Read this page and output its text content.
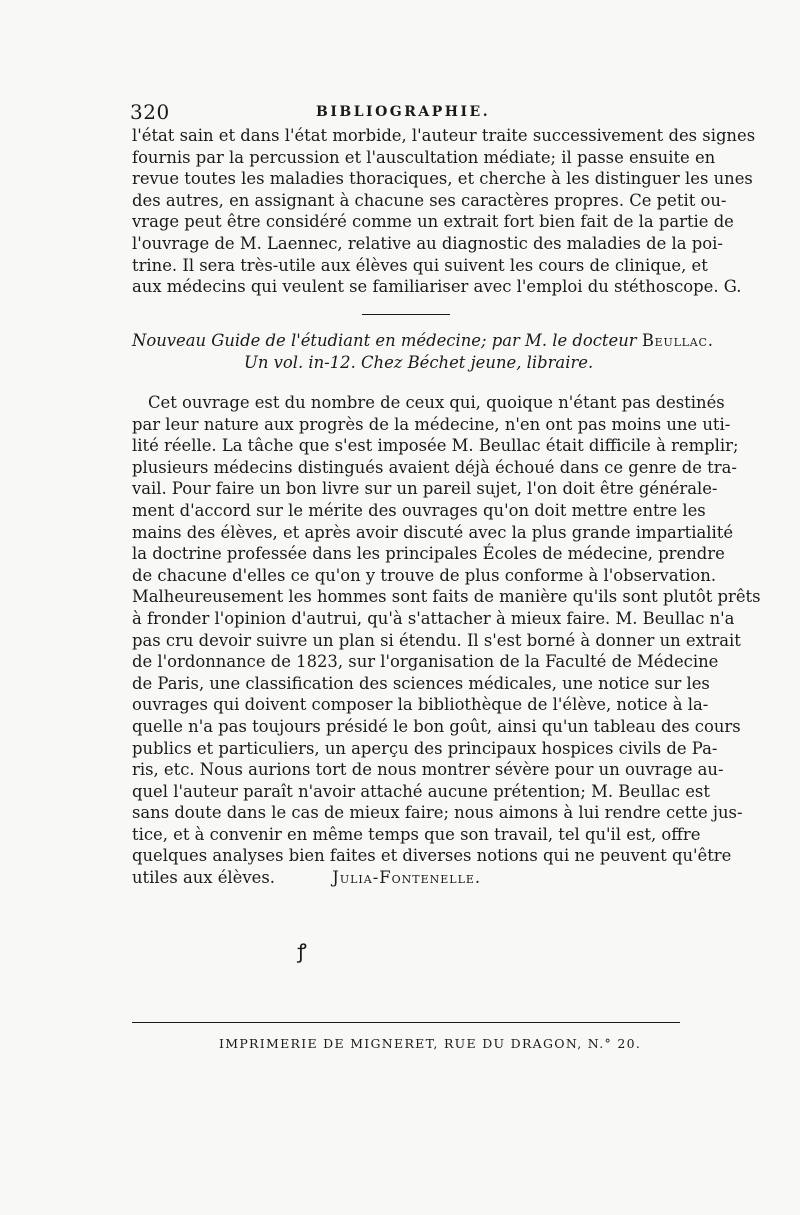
320	BIBLIOGRAPHIE.
l'état sain et dans l'état morbide, l'auteur traite successivement des signes
fournis par la percussion et l'auscultation médiate; il passe ensuite en
revue toutes les maladies thoraciques, et cherche à les distinguer les unes
des autres, en assignant à chacune ses caractères propres. Ce petit ou-
vrage peut être considéré comme un extrait fort bien fait de la partie de
l'ouvrage de M. Laennec, relative au diagnostic des maladies de la poi-
trine. Il sera très-utile aux élèves qui suivent les cours de clinique, et
aux médecins qui veulent se familiariser avec l'emploi du stéthoscope. G.
Nouveau Guide de l'étudiant en médecine; par M. le docteur Beullac.
Un vol. in-12. Chez Béchet jeune, libraire.
Cet ouvrage est du nombre de ceux qui, quoique n'étant pas destinés
par leur nature aux progrès de la médecine, n'en ont pas moins une uti-
lité réelle. La tâche que s'est imposée M. Beullac était difficile à remplir;
plusieurs médecins distingués avaient déjà échoué dans ce genre de tra-
vail. Pour faire un bon livre sur un pareil sujet, l'on doit être générale-
ment d'accord sur le mérite des ouvrages qu'on doit mettre entre les
mains des élèves, et après avoir discuté avec la plus grande impartialité
la doctrine professée dans les principales Écoles de médecine, prendre
de chacune d'elles ce qu'on y trouve de plus conforme à l'observation.
Malheureusement les hommes sont faits de manière qu'ils sont plutôt prêts
à fronder l'opinion d'autrui, qu'à s'attacher à mieux faire. M. Beullac n'a
pas cru devoir suivre un plan si étendu. Il s'est borné à donner un extrait
de l'ordonnance de 1823, sur l'organisation de la Faculté de Médecine
de Paris, une classification des sciences médicales, une notice sur les
ouvrages qui doivent composer la bibliothèque de l'élève, notice à la-
quelle n'a pas toujours présidé le bon goût, ainsi qu'un tableau des cours
publics et particuliers, un aperçu des principaux hospices civils de Pa-
ris, etc. Nous aurions tort de nous montrer sévère pour un ouvrage au-
quel l'auteur paraît n'avoir attaché aucune prétention; M. Beullac est
sans doute dans le cas de mieux faire; nous aimons à lui rendre cette jus-
tice, et à convenir en même temps que son travail, tel qu'il est, offre
quelques analyses bien faites et diverses notions qui ne peuvent qu'être
utiles aux élèves.	Julia-Fontenelle.
ꝭ
IMPRIMERIE DE MIGNERET, RUE DU DRAGON, N.° 20.
